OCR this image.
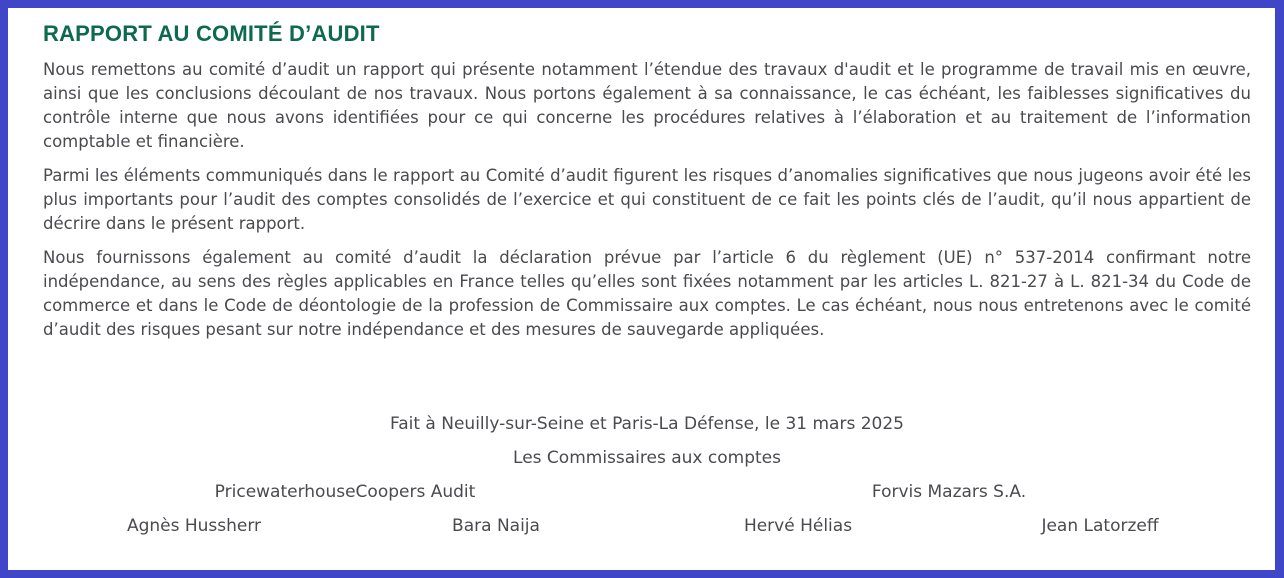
RAPPORT AU COMITÉ D’AUDIT

Nous remettons au comité d’audit un rapport qui présente notamment l’étendue des travaux d'audit et le programme de travail mis en œuvre, ainsi que les conclusions découlant de nos travaux. Nous portons également à sa connaissance, le cas échéant, les faiblesses significatives du contrôle interne que nous avons identifiées pour ce qui concerne les procédures relatives à l’élaboration et au traitement de l’information comptable et financière.

Parmi les éléments communiqués dans le rapport au Comité d’audit figurent les risques d’anomalies significatives que nous jugeons avoir été les plus importants pour l’audit des comptes consolidés de l’exercice et qui constituent de ce fait les points clés de l’audit, qu’il nous appartient de décrire dans le présent rapport.

Nous fournissons également au comité d’audit la déclaration prévue par l’article 6 du règlement (UE) n° 537-2014 confirmant notre indépendance, au sens des règles applicables en France telles qu’elles sont fixées notamment par les articles L. 821-27 à L. 821-34 du Code de commerce et dans le Code de déontologie de la profession de Commissaire aux comptes. Le cas échéant, nous nous entretenons avec le comité d’audit des risques pesant sur notre indépendance et des mesures de sauvegarde appliquées.

Fait à Neuilly-sur-Seine et Paris-La Défense, le 31 mars 2025
Les Commissaires aux comptes
PricewaterhouseCoopers Audit	Forvis Mazars S.A.
Agnès Hussherr	Bara Naija	Hervé Hélias	Jean Latorzeff
